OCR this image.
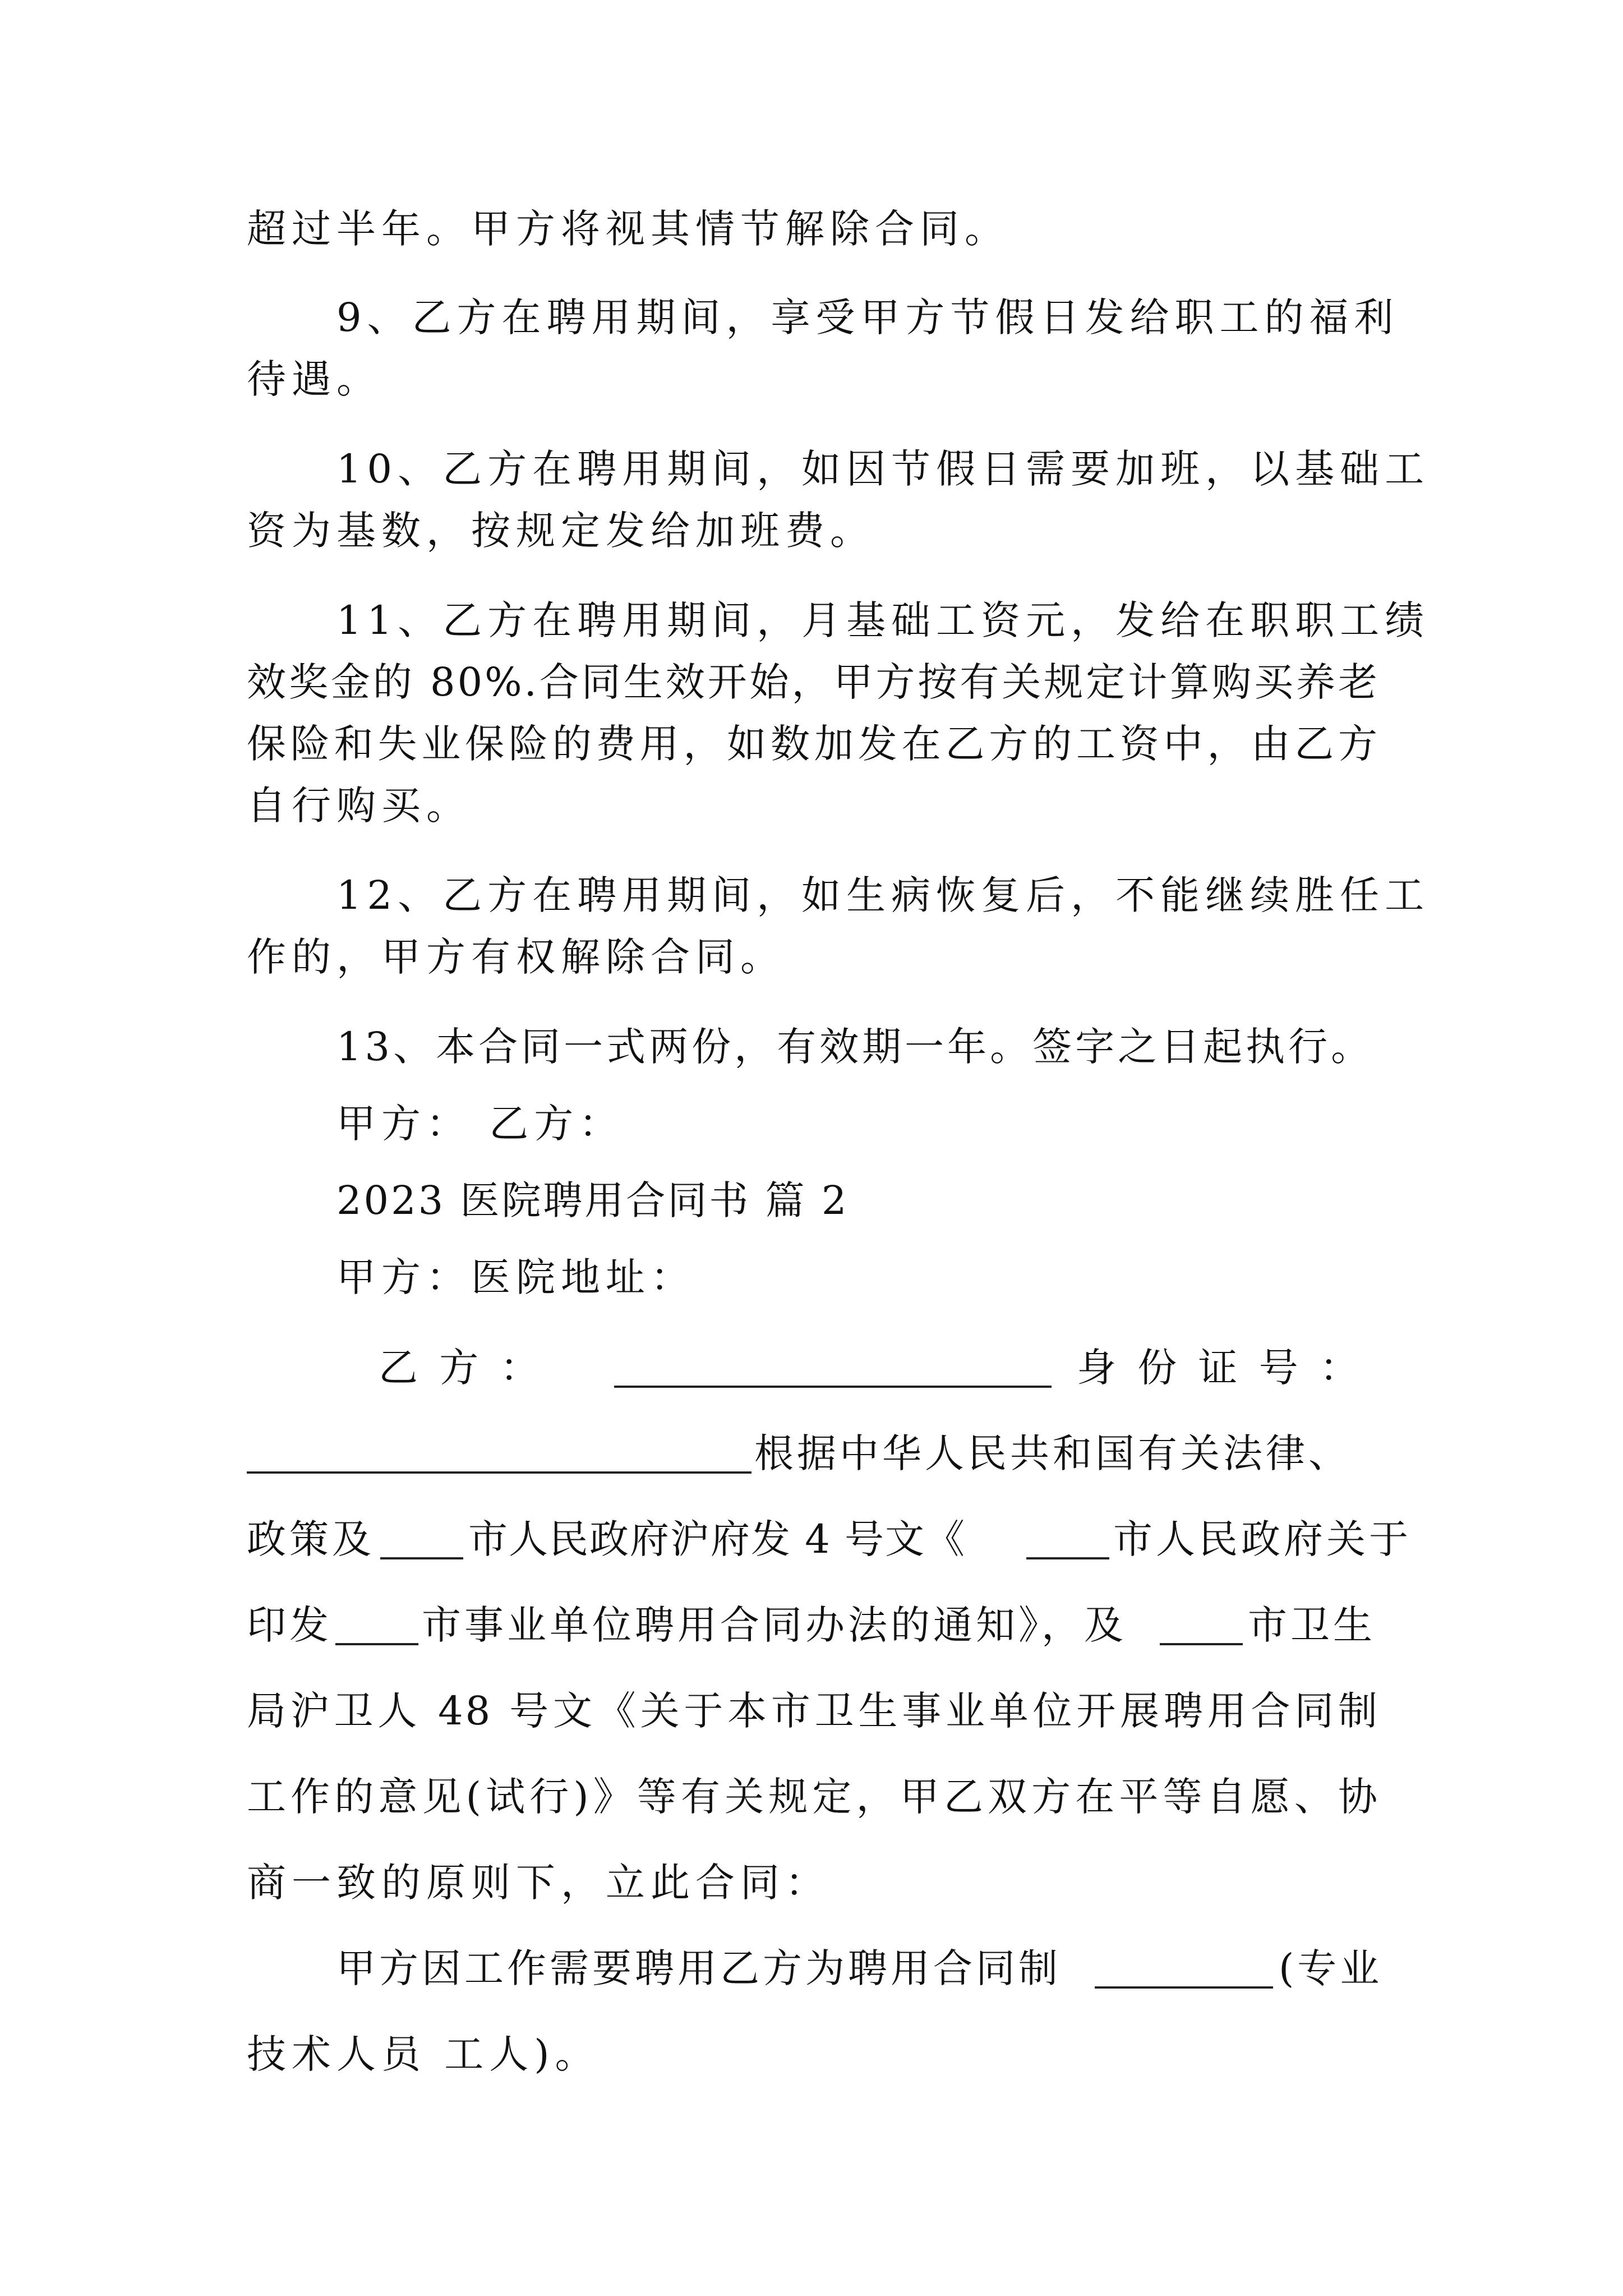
超过半年。甲方将视其情节解除合同。
9、乙方在聘用期间，享受甲方节假日发给职工的福利
待遇。
10、乙方在聘用期间，如因节假日需要加班，以基础工
资为基数，按规定发给加班费。
11、乙方在聘用期间，月基础工资元，发给在职职工绩
效奖金的 80%.合同生效开始，甲方按有关规定计算购买养老
保险和失业保险的费用，如数加发在乙方的工资中，由乙方
自行购买。
12、乙方在聘用期间，如生病恢复后，不能继续胜任工
作的，甲方有权解除合同。
13、本合同一式两份，有效期一年。签字之日起执行。
甲方： 乙方：
2023 医院聘用合同书 篇 2
甲方：医院地址：
乙 方 ：	身 份 证 号 ：
根据中华人民共和国有关法律、
政策及 市人民政府沪府发 4 号文《	市人民政府关于
印发 市事业单位聘用合同办法的通知》，及	市卫生
局沪卫人 48 号文《关于本市卫生事业单位开展聘用合同制
工作的意见(试行)》等有关规定，甲乙双方在平等自愿、协
商一致的原则下，立此合同：
甲方因工作需要聘用乙方为聘用合同制	(专业
技术人员 工人)。
